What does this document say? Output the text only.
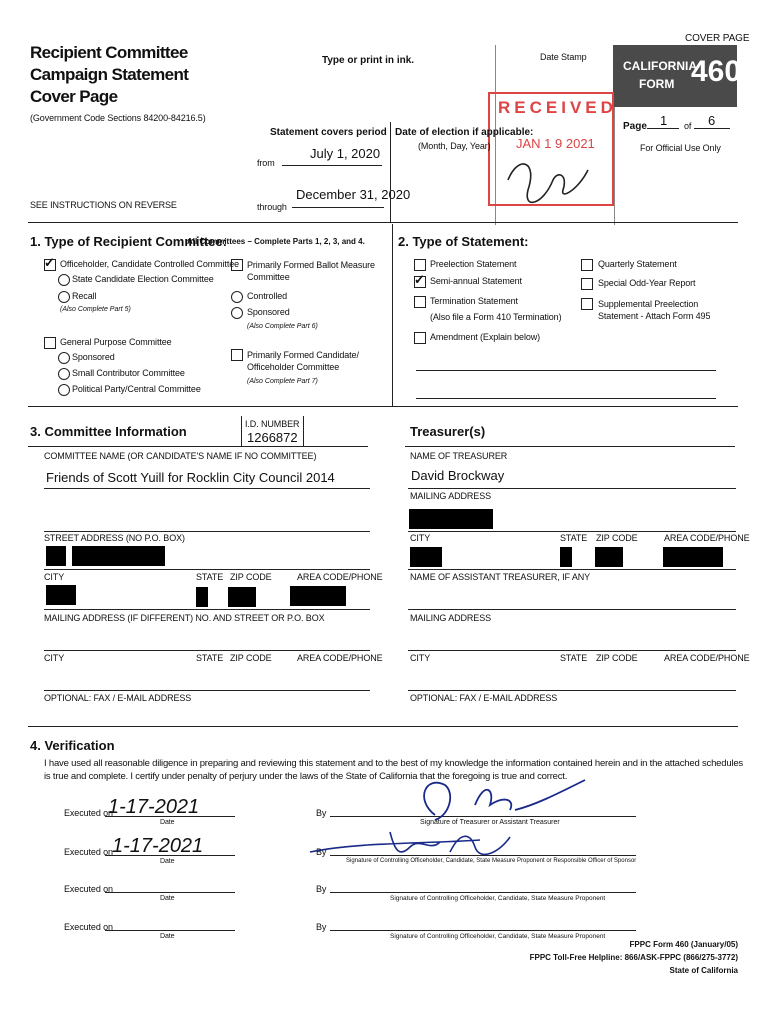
COVER PAGE
Recipient Committee
Campaign Statement
Cover Page
(Government Code Sections 84200-84216.5)
Type or print in ink.	Date Stamp
CALIFORNIA
FORM 460
Page 1 of 6
For Official Use Only
RECEIVED
JAN 1 9 2021
Statement covers period
from
July 1, 2020
through
December 31, 2020
Date of election if applicable:
(Month, Day, Year)
SEE INSTRUCTIONS ON REVERSE
1. Type of Recipient Committee:
All Committees – Complete Parts 1, 2, 3, and 4.
✓ Officeholder, Candidate Controlled Committee
State Candidate Election Committee
Recall
(Also Complete Part 5)
General Purpose Committee
Sponsored
Small Contributor Committee
Political Party/Central Committee
Primarily Formed Ballot Measure
Committee
Controlled
Sponsored
(Also Complete Part 6)
Primarily Formed Candidate/
Officeholder Committee
(Also Complete Part 7)
2. Type of Statement:
Preelection Statement
✓ Semi-annual Statement
Termination Statement
(Also file a Form 410 Termination)
Amendment (Explain below)
Quarterly Statement
Special Odd-Year Report
Supplemental Preelection
Statement - Attach Form 495
3. Committee Information	I.D. NUMBER
1266872
COMMITTEE NAME (OR CANDIDATE'S NAME IF NO COMMITTEE)
Friends of Scott Yuill for Rocklin City Council 2014
STREET ADDRESS (NO P.O. BOX)
CITY	STATE ZIP CODE	AREA CODE/PHONE
MAILING ADDRESS (IF DIFFERENT) NO. AND STREET OR P.O. BOX
CITY	STATE ZIP CODE	AREA CODE/PHONE
OPTIONAL: FAX / E-MAIL ADDRESS
Treasurer(s)
NAME OF TREASURER
David Brockway
MAILING ADDRESS
CITY	STATE ZIP CODE	AREA CODE/PHONE
NAME OF ASSISTANT TREASURER, IF ANY
MAILING ADDRESS
CITY	STATE ZIP CODE	AREA CODE/PHONE
OPTIONAL: FAX / E-MAIL ADDRESS
4. Verification
I have used all reasonable diligence in preparing and reviewing this statement and to the best of my knowledge the information contained herein and in the attached schedules is true and complete. I certify under penalty of perjury under the laws of the State of California that the foregoing is true and correct.
Executed on
1-17-2021
Date
By
Signature of Treasurer or Assistant Treasurer
Executed on 1-17-2021
Date
By
Signature of Controlling Officeholder, Candidate, State Measure Proponent or Responsible Officer of Sponsor
Executed on
Date
By
Signature of Controlling Officeholder, Candidate, State Measure Proponent
Executed on
Date
By
Signature of Controlling Officeholder, Candidate, State Measure Proponent
FPPC Form 460 (January/05)
FPPC Toll-Free Helpline: 866/ASK-FPPC (866/275-3772)
State of California
